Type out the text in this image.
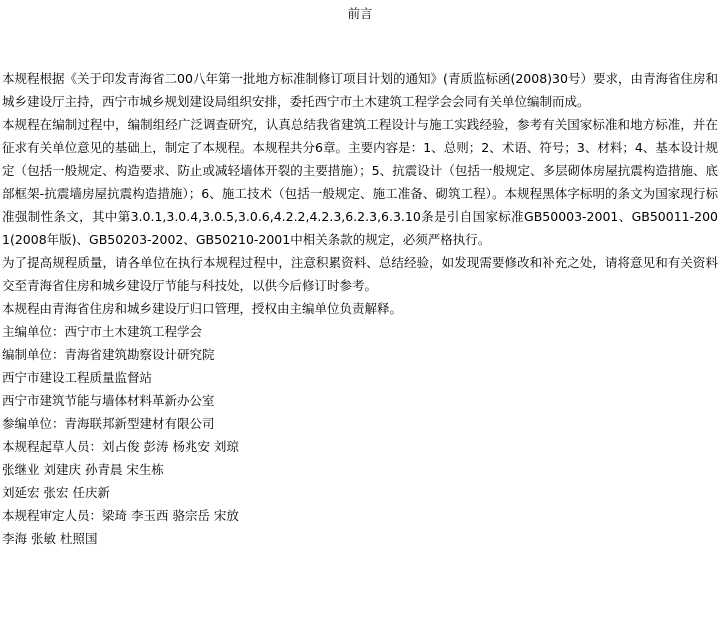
前言

本规程根据《关于印发青海省二00八年第一批地方标准制修订项目计划的通知》(青质监标函(2008)30号）要求，由青海省住房和城乡建设厅主持，西宁市城乡规划建设局组织安排，委托西宁市土木建筑工程学会会同有关单位编制而成。

本规程在编制过程中，编制组经广泛调查研究，认真总结我省建筑工程设计与施工实践经验，参考有关国家标准和地方标准，并在征求有关单位意见的基础上，制定了本规程。本规程共分6章。主要内容是：1、总则；2、术语、符号；3、材料；4、基本设计规定（包括一般规定、构造要求、防止或减轻墙体开裂的主要措施）；5、抗震设计（包括一般规定、多层砌体房屋抗震构造措施、底部框架-抗震墙房屋抗震构造措施）；6、施工技术（包括一般规定、施工准备、砌筑工程）。本规程黑体字标明的条文为国家现行标准强制性条文，其中第3.0.1,3.0.4,3.0.5,3.0.6,4.2.2,4.2.3,6.2.3,6.3.10条是引自国家标准GB50003-2001、GB50011-2001(2008年版)、GB50203-2002、GB50210-2001中相关条款的规定，必须严格执行。

为了提高规程质量，请各单位在执行本规程过程中，注意积累资料、总结经验，如发现需要修改和补充之处，请将意见和有关资料交至青海省住房和城乡建设厅节能与科技处，以供今后修订时参考。

本规程由青海省住房和城乡建设厅归口管理，授权由主编单位负责解释。

主编单位：西宁市土木建筑工程学会

编制单位：青海省建筑勘察设计研究院

西宁市建设工程质量监督站

西宁市建筑节能与墙体材料革新办公室

参编单位：青海联邦新型建材有限公司

本规程起草人员：刘占俊 彭涛 杨兆安 刘琼

张继业 刘建庆 孙青晨 宋生栋

刘延宏 张宏 任庆新

本规程审定人员：梁琦 李玉西 骆宗岳 宋放

李海 张敏 杜照国
